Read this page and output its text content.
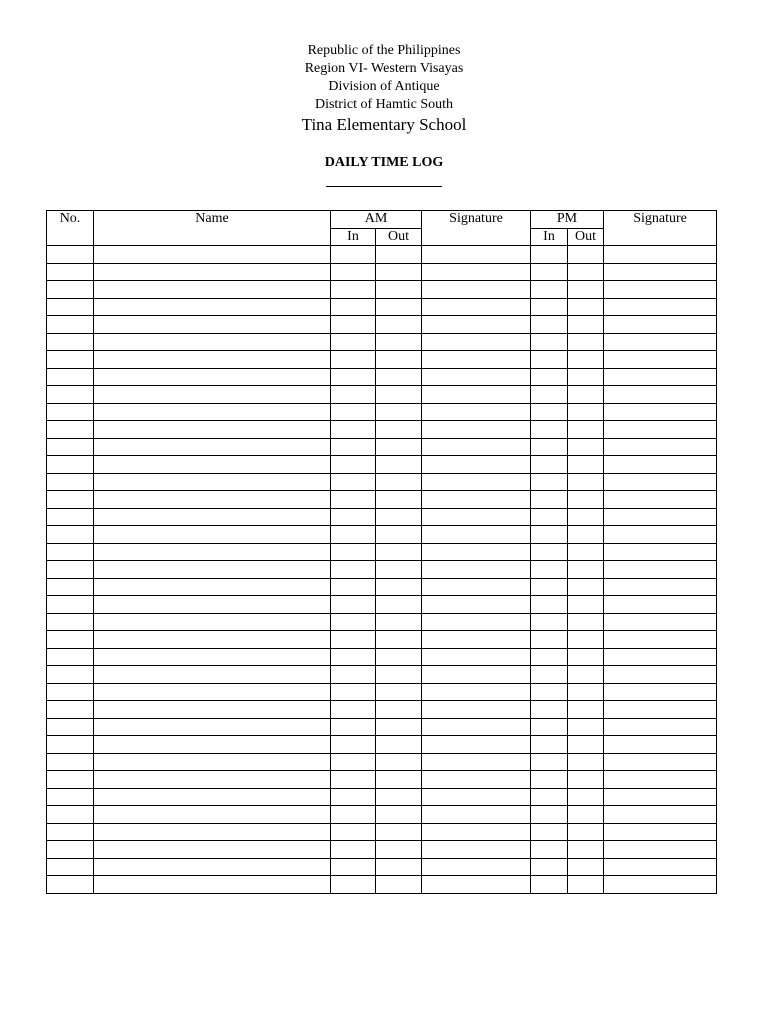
Republic of the Philippines
Region VI- Western Visayas
Division of Antique
District of Hamtic South
Tina Elementary School
DAILY TIME LOG
No.	Name	AM		Signature	PM		Signature
		In	Out		In	Out	
